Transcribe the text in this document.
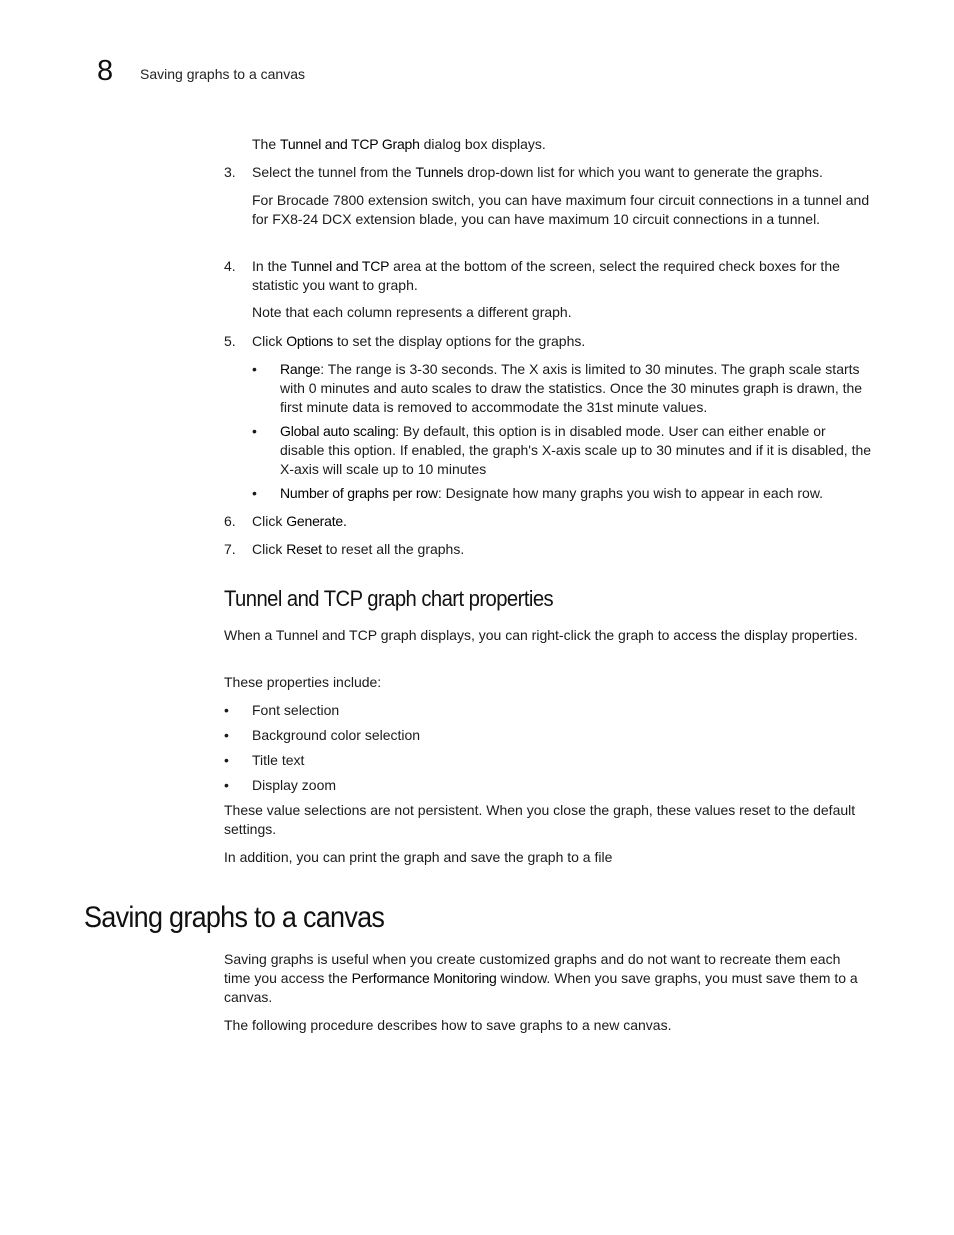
8 Saving graphs to a canvas

The Tunnel and TCP Graph dialog box displays.

3.	Select the tunnel from the Tunnels drop-down list for which you want to generate the graphs.

For Brocade 7800 extension switch, you can have maximum four circuit connections in a tunnel and for FX8-24 DCX extension blade, you can have maximum 10 circuit connections in a tunnel.

4.	In the Tunnel and TCP area at the bottom of the screen, select the required check boxes for the statistic you want to graph.

Note that each column represents a different graph.

5.	Click Options to set the display options for the graphs.
• Range: The range is 3-30 seconds. The X axis is limited to 30 minutes. The graph scale starts with 0 minutes and auto scales to draw the statistics. Once the 30 minutes graph is drawn, the first minute data is removed to accommodate the 31st minute values.
• Global auto scaling: By default, this option is in disabled mode. User can either enable or disable this option. If enabled, the graph's X-axis scale up to 30 minutes and if it is disabled, the X-axis will scale up to 10 minutes
• Number of graphs per row: Designate how many graphs you wish to appear in each row.
6.	Click Generate.
7.	Click Reset to reset all the graphs.
Tunnel and TCP graph chart properties

When a Tunnel and TCP graph displays, you can right-click the graph to access the display properties.

These properties include:

• Font selection
• Background color selection
• Title text
• Display zoom

These value selections are not persistent. When you close the graph, these values reset to the default settings.

In addition, you can print the graph and save the graph to a file

Saving graphs to a canvas

Saving graphs is useful when you create customized graphs and do not want to recreate them each time you access the Performance Monitoring window. When you save graphs, you must save them to a canvas.

The following procedure describes how to save graphs to a new canvas.
